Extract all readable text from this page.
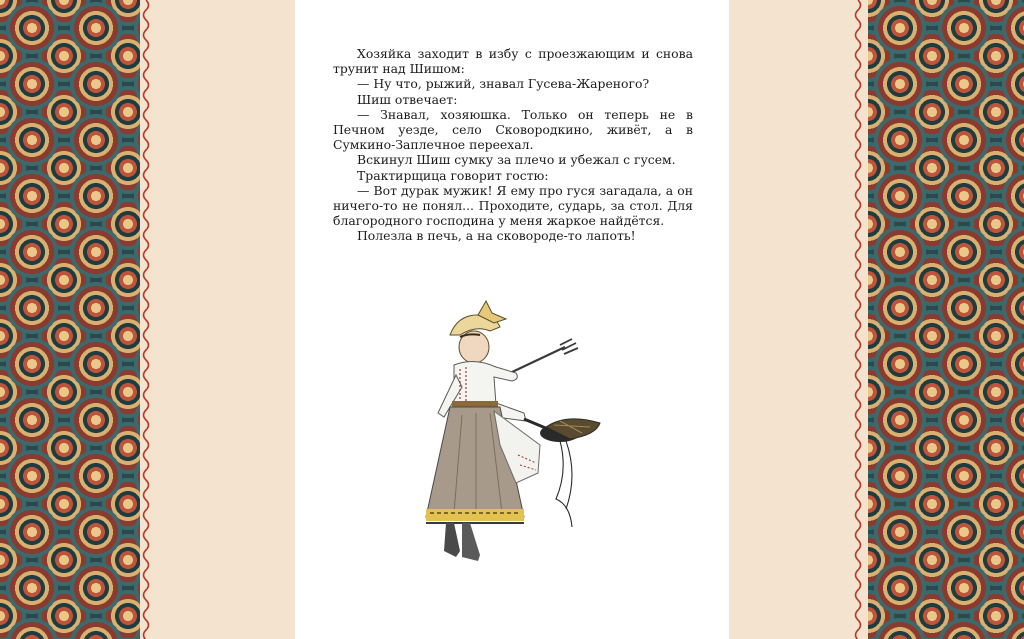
Хозяйка заходит в избу с проезжающим и снова трунит над Шишом:

— Ну что, рыжий, знавал Гусева-Жареного?

Шиш отвечает:

— Знавал, хозяюшка. Только он теперь не в Печном уезде, село Сковородкино, живёт, а в Сумкино-Заплечное переехал.

Вскинул Шиш сумку за плечо и убежал с гусем.

Трактирщица говорит гостю:

— Вот дурак мужик! Я ему про гуся загадала, а он ничего-то не понял... Проходите, сударь, за стол. Для благородного господина у меня жаркое найдётся.

Полезла в печь, а на сковороде-то лапоть!
